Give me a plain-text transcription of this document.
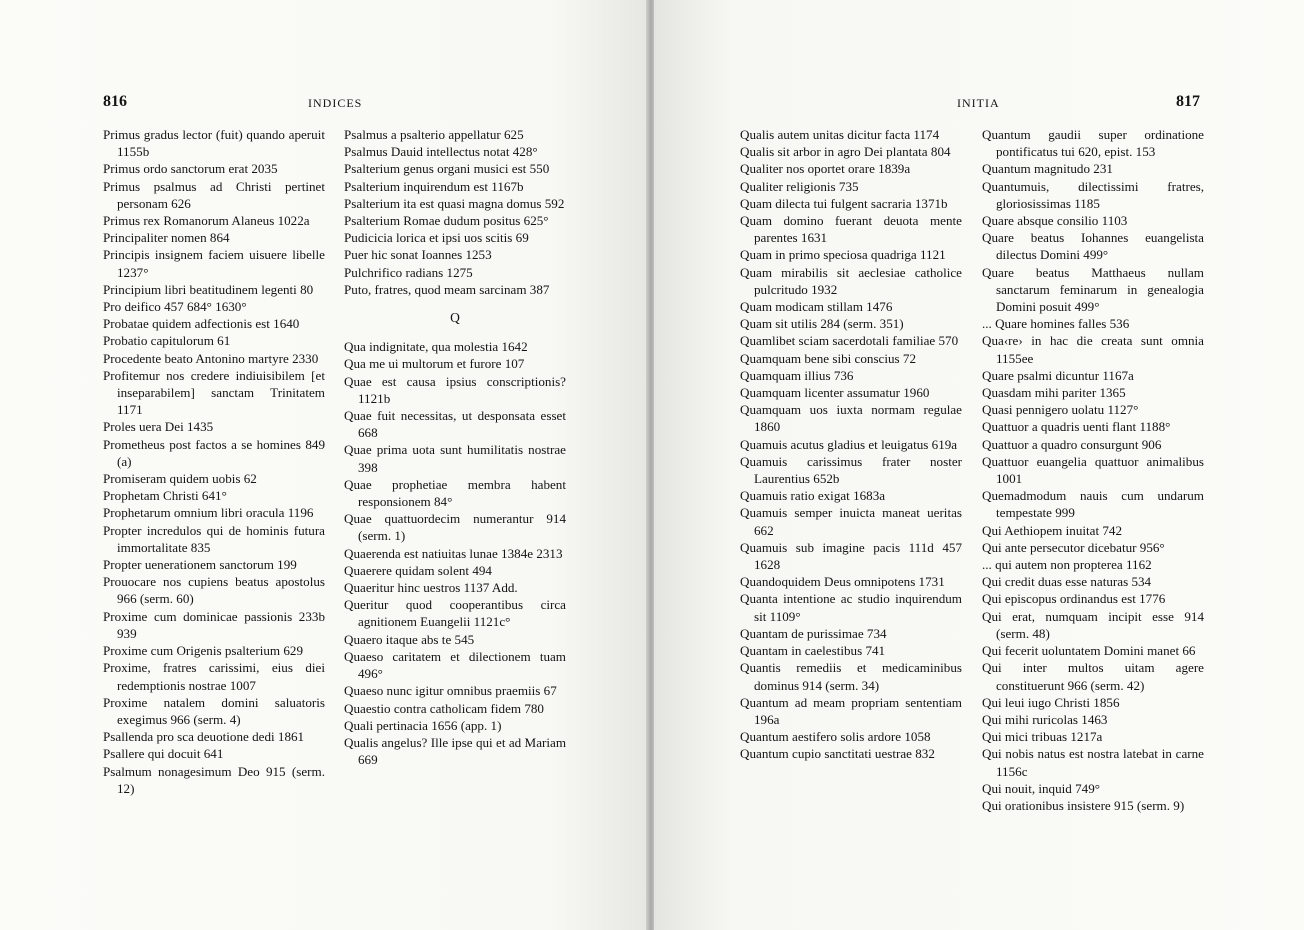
816	INDICES

Primus gradus lector (fuit) quando aperuit 1155b

Primus ordo sanctorum erat 2035

Primus psalmus ad Christi pertinet personam 626

Primus rex Romanorum Alaneus 1022a

Principaliter nomen 864

Principis insignem faciem uisuere libelle 1237°

Principium libri beatitudinem legenti 80

Pro deifico 457 684° 1630°

Probatae quidem adfectionis est 1640

Probatio capitulorum 61

Procedente beato Antonino martyre 2330

Profitemur nos credere indiuisibilem [et inseparabilem] sanctam Trinitatem 1171

Proles uera Dei 1435

Prometheus post factos a se homines 849 (a)

Promiseram quidem uobis 62

Prophetam Christi 641°

Prophetarum omnium libri oracula 1196

Propter incredulos qui de hominis futura immortalitate 835

Propter uenerationem sanctorum 199

Prouocare nos cupiens beatus apostolus 966 (serm. 60)

Proxime cum dominicae passionis 233b 939

Proxime cum Origenis psalterium 629

Proxime, fratres carissimi, eius diei redemptionis nostrae 1007

Proxime natalem domini saluatoris exegimus 966 (serm. 4)

Psallenda pro sca deuotione dedi 1861

Psallere qui docuit 641

Psalmum nonagesimum Deo 915 (serm. 12)

Psalmus a psalterio appellatur 625

Psalmus Dauid intellectus notat 428°

Psalterium genus organi musici est 550

Psalterium inquirendum est 1167b

Psalterium ita est quasi magna domus 592

Psalterium Romae dudum positus 625°

Pudicicia lorica et ipsi uos scitis 69

Puer hic sonat Ioannes 1253

Pulchrifico radians 1275

Puto, fratres, quod meam sarcinam 387

Q

Qua indignitate, qua molestia 1642

Qua me ui multorum et furore 107

Quae est causa ipsius conscriptionis? 1121b

Quae fuit necessitas, ut desponsata esset 668

Quae prima uota sunt humilitatis nostrae 398

Quae prophetiae membra habent responsionem 84°

Quae quattuordecim numerantur 914 (serm. 1)

Quaerenda est natiuitas lunae 1384e 2313

Quaerere quidam solent 494

Quaeritur hinc uestros 1137 Add.

Queritur quod cooperantibus circa agnitionem Euangelii 1121c°

Quaero itaque abs te 545

Quaeso caritatem et dilectionem tuam 496°

Quaeso nunc igitur omnibus praemiis 67

Quaestio contra catholicam fidem 780

Quali pertinacia 1656 (app. 1)

Qualis angelus? Ille ipse qui et ad Mariam 669

INITIA	817

Qualis autem unitas dicitur facta 1174

Qualis sit arbor in agro Dei plantata 804

Qualiter nos oportet orare 1839a

Qualiter religionis 735

Quam dilecta tui fulgent sacraria 1371b

Quam domino fuerant deuota mente parentes 1631

Quam in primo speciosa quadriga 1121

Quam mirabilis sit aeclesiae catholice pulcritudo 1932

Quam modicam stillam 1476

Quam sit utilis 284 (serm. 351)

Quamlibet sciam sacerdotali familiae 570

Quamquam bene sibi conscius 72

Quamquam illius 736

Quamquam licenter assumatur 1960

Quamquam uos iuxta normam regulae 1860

Quamuis acutus gladius et leuigatus 619a

Quamuis carissimus frater noster Laurentius 652b

Quamuis ratio exigat 1683a

Quamuis semper inuicta maneat ueritas 662

Quamuis sub imagine pacis 111d 457 1628

Quandoquidem Deus omnipotens 1731

Quanta intentione ac studio inquirendum sit 1109°

Quantam de purissimae 734

Quantam in caelestibus 741

Quantis remediis et medicaminibus dominus 914 (serm. 34)

Quantum ad meam propriam sententiam 196a

Quantum aestifero solis ardore 1058

Quantum cupio sanctitati uestrae 832

Quantum gaudii super ordinatione pontificatus tui 620, epist. 153

Quantum magnitudo 231

Quantumuis, dilectissimi fratres, gloriosissimas 1185

Quare absque consilio 1103

Quare beatus Iohannes euangelista dilectus Domini 499°

Quare beatus Matthaeus nullam sanctarum feminarum in genealogia Domini posuit 499°

... Quare homines falles 536

Qua‹re› in hac die creata sunt omnia 1155ee

Quare psalmi dicuntur 1167a

Quasdam mihi pariter 1365

Quasi pennigero uolatu 1127°

Quattuor a quadris uenti flant 1188°

Quattuor a quadro consurgunt 906

Quattuor euangelia quattuor animalibus 1001

Quemadmodum nauis cum undarum tempestate 999

Qui Aethiopem inuitat 742

Qui ante persecutor dicebatur 956°

... qui autem non propterea 1162

Qui credit duas esse naturas 534

Qui episcopus ordinandus est 1776

Qui erat, numquam incipit esse 914 (serm. 48)

Qui fecerit uoluntatem Domini manet 66

Qui inter multos uitam agere constituerunt 966 (serm. 42)

Qui leui iugo Christi 1856

Qui mihi ruricolas 1463

Qui mici tribuas 1217a

Qui nobis natus est nostra latebat in carne 1156c

Qui nouit, inquid 749°

Qui orationibus insistere 915 (serm. 9)
